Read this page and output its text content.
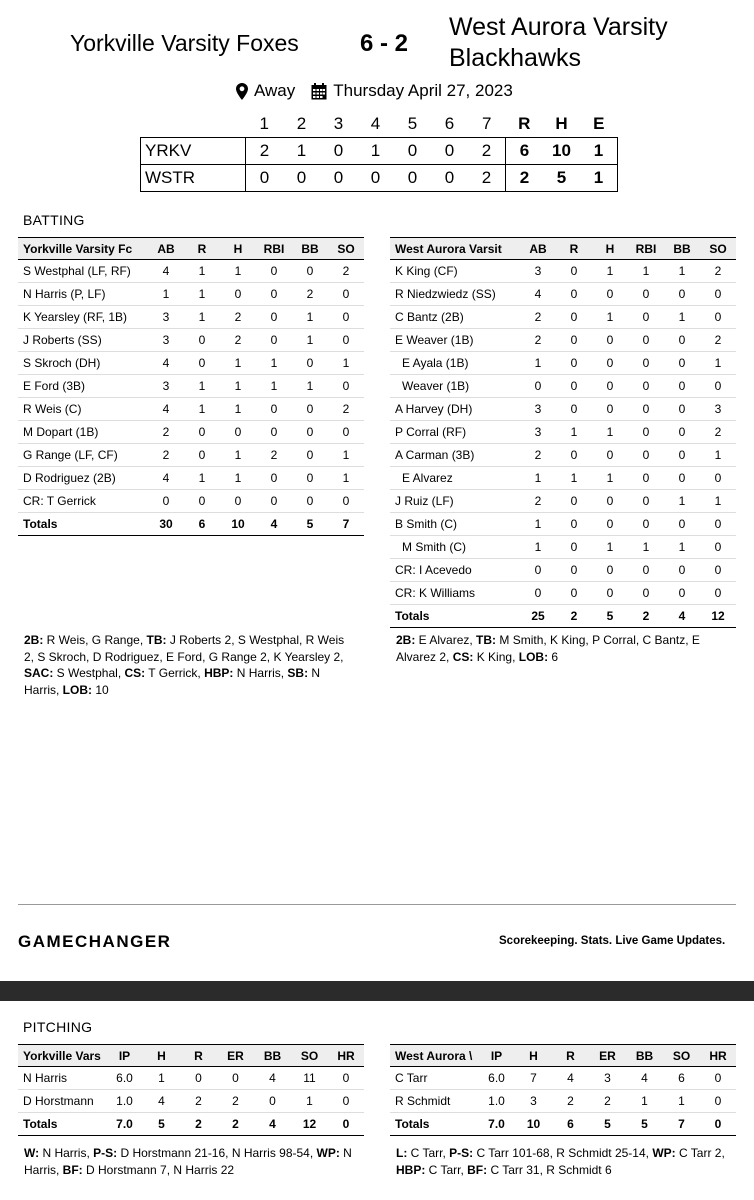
Yorkville Varsity Foxes	6 - 2
West Aurora Varsity Blackhawks
Away Thursday April 27, 2023
	1	2	3	4	5	6	7	R	H	E
YRKV	2	1	0	1	0	0	2	6	10	1
WSTR	0	0	0	0	0	0	2	2	5	1
BATTING
Yorkville Varsity Fc	AB	R	H	RBI	BB	SO
S Westphal (LF, RF)	4	1	1	0	0	2
N Harris (P, LF)	1	1	0	0	2	0
K Yearsley (RF, 1B)	3	1	2	0	1	0
J Roberts (SS)	3	0	2	0	1	0
S Skroch (DH)	4	0	1	1	0	1
E Ford (3B)	3	1	1	1	1	0
R Weis (C)	4	1	1	0	0	2
M Dopart (1B)	2	0	0	0	0	0
G Range (LF, CF)	2	0	1	2	0	1
D Rodriguez (2B)	4	1	1	0	0	1
CR: T Gerrick	0	0	0	0	0	0
Totals	30	6	10	4	5	7
West Aurora Varsit	AB	R	H	RBI	BB	SO
K King (CF)	3	0	1	1	1	2
R Niedzwiedz (SS)	4	0	0	0	0	0
C Bantz (2B)	2	0	1	0	1	0
E Weaver (1B)	2	0	0	0	0	2
E Ayala (1B)	1	0	0	0	0	1
Weaver (1B)	0	0	0	0	0	0
A Harvey (DH)	3	0	0	0	0	3
P Corral (RF)	3	1	1	0	0	2
A Carman (3B)	2	0	0	0	0	1
E Alvarez	1	1	1	0	0	0
J Ruiz (LF)	2	0	0	0	1	1
B Smith (C)	1	0	0	0	0	0
M Smith (C)	1	0	1	1	1	0
CR: I Acevedo	0	0	0	0	0	0
CR: K Williams	0	0	0	0	0	0
Totals	25	2	5	2	4	12
2B: R Weis, G Range, TB: J Roberts 2, S Westphal, R Weis 2, S Skroch, D Rodriguez, E Ford, G Range 2, K Yearsley 2, SAC: S Westphal, CS: T Gerrick, HBP: N Harris, SB: N Harris, LOB: 10
2B: E Alvarez, TB: M Smith, K King, P Corral, C Bantz, E Alvarez 2, CS: K King, LOB: 6
GAMECHANGER	Scorekeeping. Stats. Live Game Updates.
PITCHING
Yorkville Vars	IP	H	R	ER	BB	SO	HR
N Harris	6.0	1	0	0	4	11	0
D Horstmann	1.0	4	2	2	0	1	0
Totals	7.0	5	2	2	4	12	0
West Aurora \	IP	H	R	ER	BB	SO	HR
C Tarr	6.0	7	4	3	4	6	0
R Schmidt	1.0	3	2	2	1	1	0
Totals	7.0	10	6	5	5	7	0
W: N Harris, P-S: D Horstmann 21-16, N Harris 98-54, WP: N Harris, BF: D Horstmann 7, N Harris 22
L: C Tarr, P-S: C Tarr 101-68, R Schmidt 25-14, WP: C Tarr 2, HBP: C Tarr, BF: C Tarr 31, R Schmidt 6
